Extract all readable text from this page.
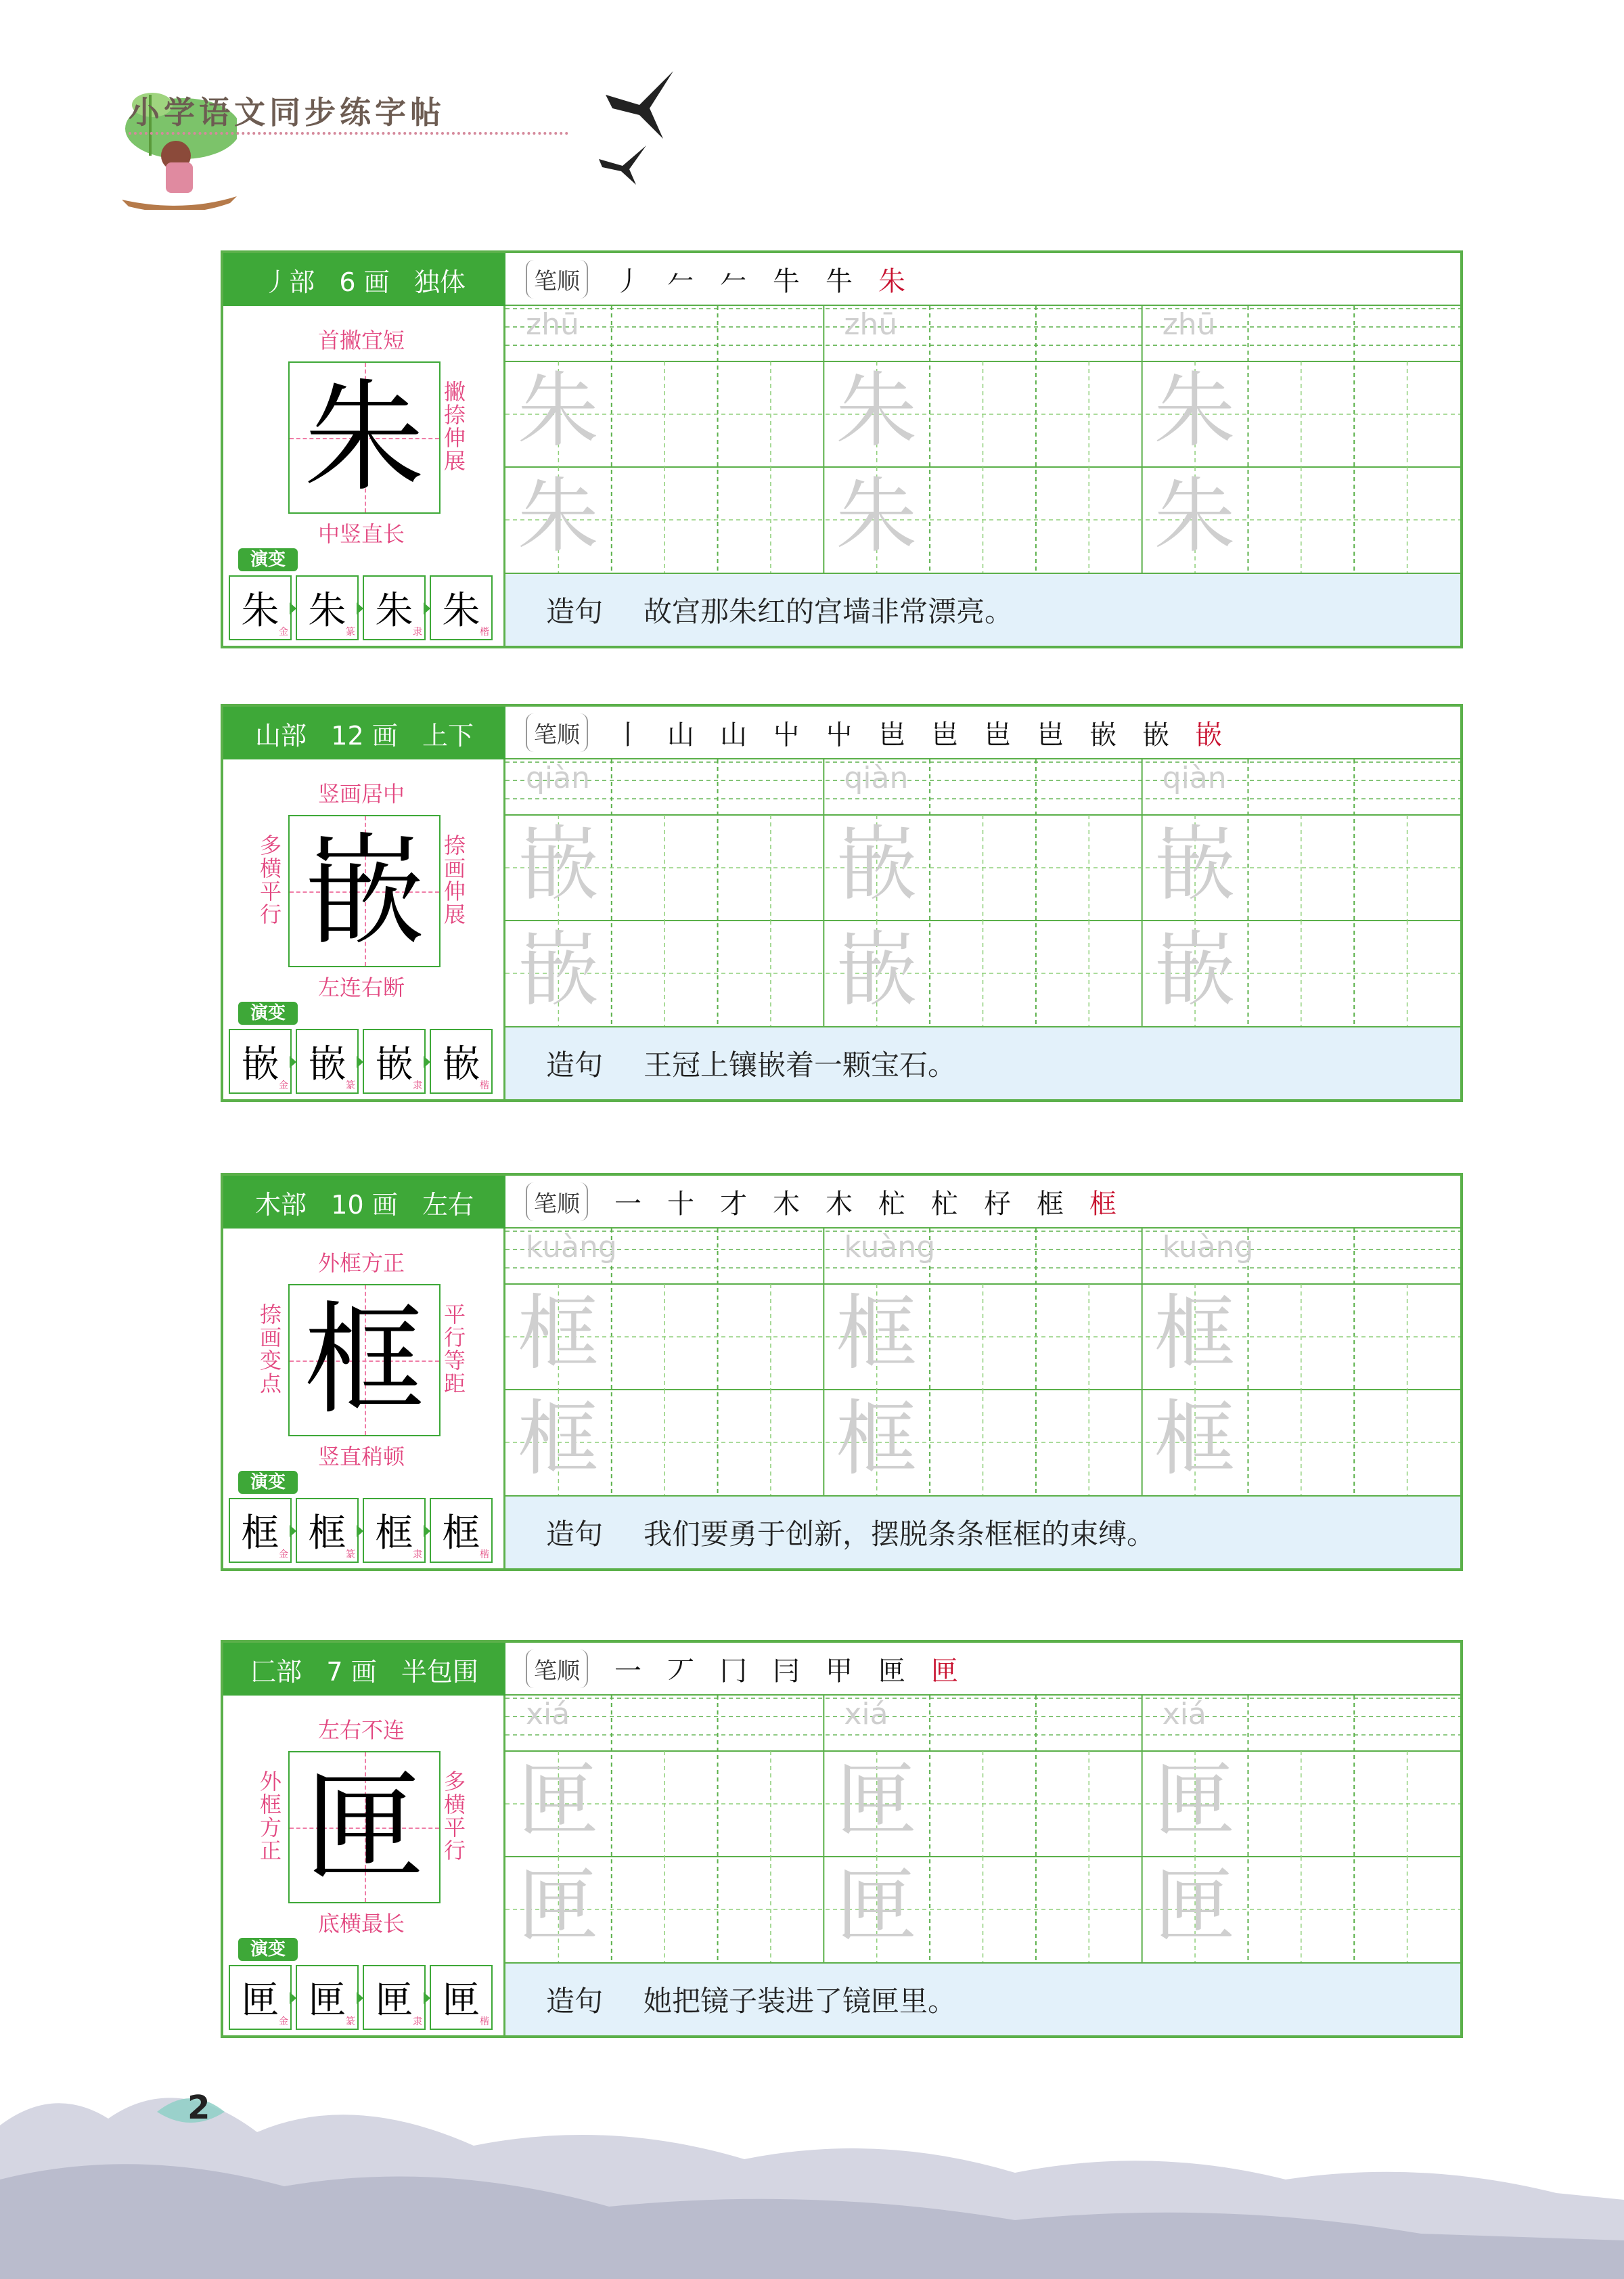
小学语文同步练字帖
丿部   6 画   独体
首撇宜短
中竖直长
撇捺伸展
朱
演变
朱 金 朱 篆 朱 隶 朱 楷
笔顺	丿 𠂉 𠂉 牛 牛 朱
zhū
朱
朱
zhū
朱
朱
zhū
朱
朱
造句 故宫那朱红的宫墙非常漂亮。
山部   12 画   上下
竖画居中
左连右断
多横平行
捺画伸展
嵌
演变
嵌 金 嵌 篆 嵌 隶 嵌 楷
笔顺	丨 山 山 屮 屮 岜 岜 岜 岜 嵌 嵌 嵌
qiàn
嵌
嵌
qiàn
嵌
嵌
qiàn
嵌
嵌
造句 王冠上镶嵌着一颗宝石。
木部   10 画   左右
外框方正
竖直稍顿
捺画变点
平行等距
框
演变
框 金 框 篆 框 隶 框 楷
笔顺	一 十 才 木 木 杧 杧 杍 框 框
kuàng
框
框
kuàng
框
框
kuàng
框
框
造句 我们要勇于创新，摆脱条条框框的束缚。
匚部   7 画   半包围
左右不连
底横最长
外框方正
多横平行
匣
演变
匣 金 匣 篆 匣 隶 匣 楷
笔顺	一 丆 冂 冃 甲 匣 匣
xiá
匣
匣
xiá
匣
匣
xiá
匣
匣
造句 她把镜子装进了镜匣里。
2
